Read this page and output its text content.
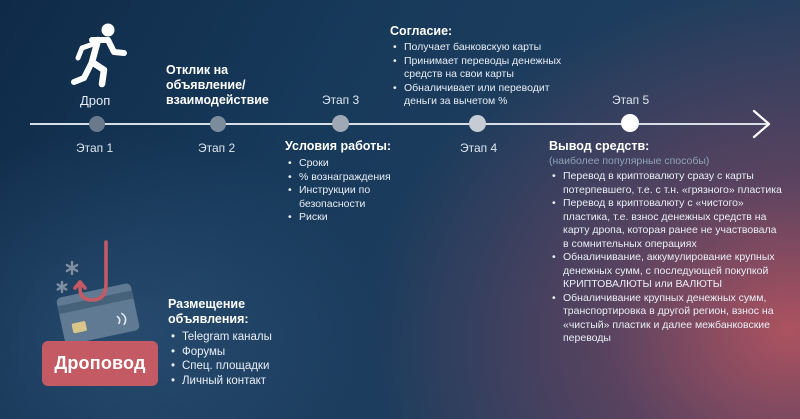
Дроп
Этап 1	Этап 2
Этап 3
Этап 4
Этап 5
Отклик на объявление/ взаимодействие
Согласие:
• Получает банковскую карты
• Принимает переводы денежных средств на свои карты
• Обналичивает или переводит деньги за вычетом %
Условия работы:
• Сроки
• % вознаграждения
• Инструкции по безопасности
• Риски
Вывод средств:
(наиболее популярные способы)
• Перевод в криптовалюту сразу с карты потерпевшего, т.е. с т.н. «грязного» пластика
• Перевод в криптовалюту с «чистого» пластика, т.е. взнос денежных средств на карту дропа, которая ранее не участвовала в сомнительных операциях
• Обналичивание, аккумулирование крупных денежных сумм, с последующей покупкой КРИПТОВАЛЮТЫ или ВАЛЮТЫ
• Обналичивание крупных денежных сумм, транспортировка в другой регион, взнос на «чистый» пластик и далее межбанковские переводы
Дроповод
Размещение объявления:
• Telegram каналы
• Форумы
• Спец. площадки
• Личный контакт
